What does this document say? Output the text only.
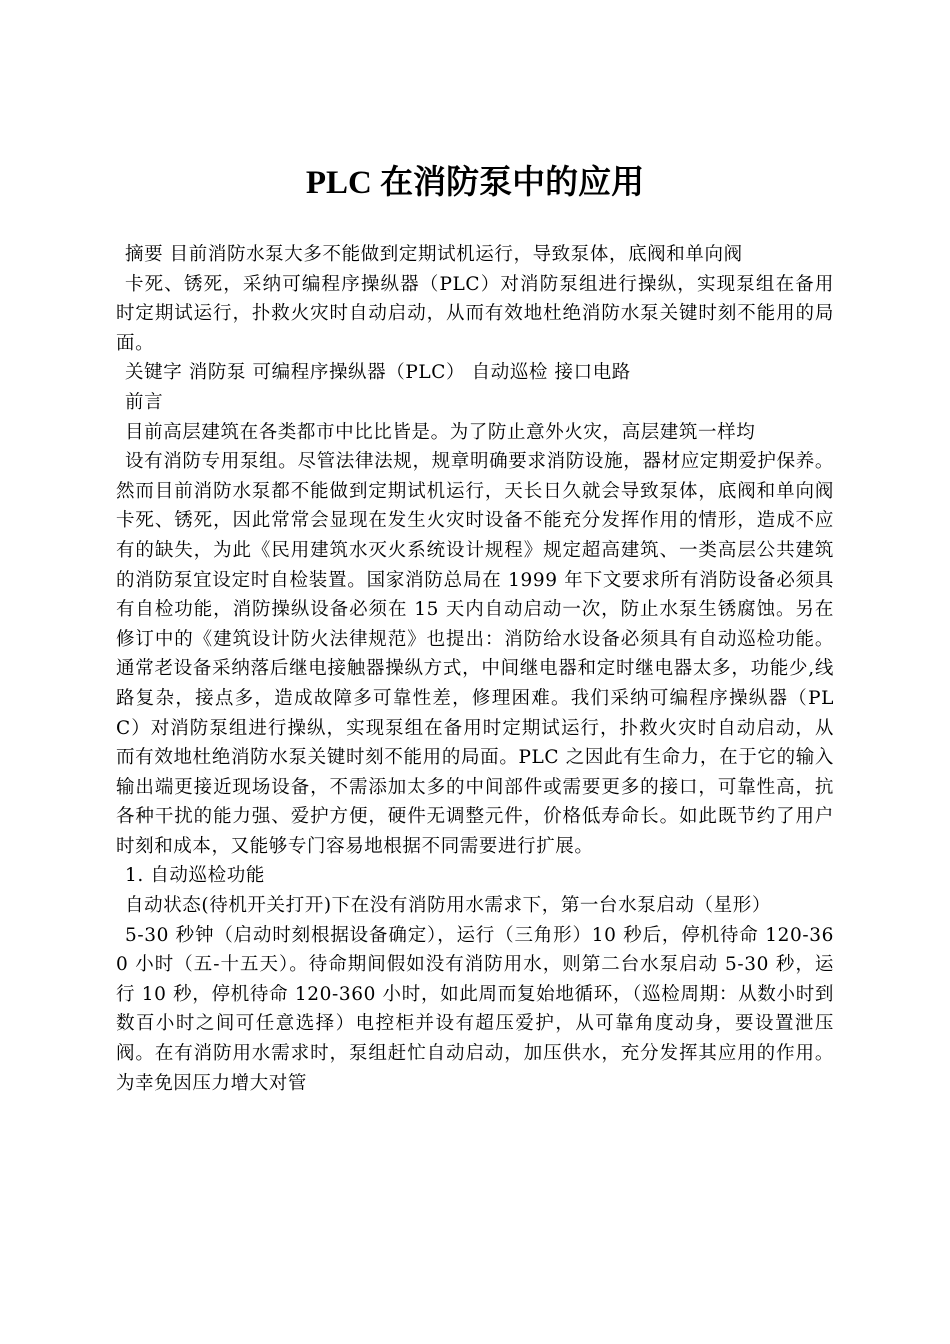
PLC 在消防泵中的应用

摘要 目前消防水泵大多不能做到定期试机运行，导致泵体，底阀和单向阀

卡死、锈死，采纳可编程序操纵器（PLC）对消防泵组进行操纵，实现泵组在备用时定期试运行，扑救火灾时自动启动，从而有效地杜绝消防水泵关键时刻不能用的局面。

关键字 消防泵 可编程序操纵器（PLC） 自动巡检 接口电路

前言

目前高层建筑在各类都市中比比皆是。为了防止意外火灾，高层建筑一样均

设有消防专用泵组。尽管法律法规，规章明确要求消防设施，器材应定期爱护保养。然而目前消防水泵都不能做到定期试机运行，天长日久就会导致泵体，底阀和单向阀卡死、锈死，因此常常会显现在发生火灾时设备不能充分发挥作用的情形，造成不应有的缺失，为此《民用建筑水灭火系统设计规程》规定超高建筑、一类高层公共建筑的消防泵宜设定时自检装置。国家消防总局在 1999 年下文要求所有消防设备必须具有自检功能，消防操纵设备必须在 15 天内自动启动一次，防止水泵生锈腐蚀。另在修订中的《建筑设计防火法律规范》也提出：消防给水设备必须具有自动巡检功能。通常老设备采纳落后继电接触器操纵方式，中间继电器和定时继电器太多，功能少,线路复杂，接点多，造成故障多可靠性差，修理困难。我们采纳可编程序操纵器（PLC）对消防泵组进行操纵，实现泵组在备用时定期试运行，扑救火灾时自动启动，从而有效地杜绝消防水泵关键时刻不能用的局面。PLC 之因此有生命力，在于它的输入输出端更接近现场设备，不需添加太多的中间部件或需要更多的接口，可靠性高，抗各种干扰的能力强、爱护方便，硬件无调整元件，价格低寿命长。如此既节约了用户时刻和成本，又能够专门容易地根据不同需要进行扩展。

1. 自动巡检功能

自动状态(待机开关打开)下在没有消防用水需求下，第一台水泵启动（星形）

5-30 秒钟（启动时刻根据设备确定），运行（三角形）10 秒后，停机待命 120-360 小时（五-十五天）。待命期间假如没有消防用水，则第二台水泵启动 5-30 秒，运行 10 秒，停机待命 120-360 小时，如此周而复始地循环，（巡检周期：从数小时到数百小时之间可任意选择）电控柜并设有超压爱护，从可靠角度动身，要设置泄压阀。在有消防用水需求时，泵组赶忙自动启动，加压供水，充分发挥其应用的作用。为幸免因压力增大对管
